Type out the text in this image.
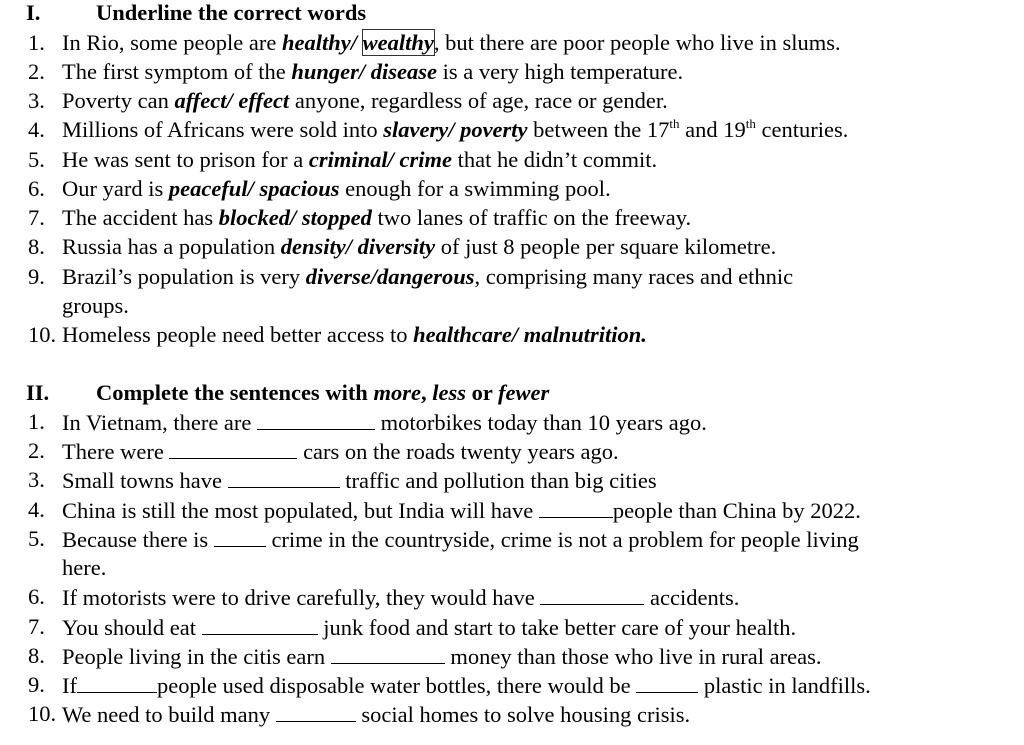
I. Underline the correct words
1. In Rio, some people are healthy/ wealthy, but there are poor people who live in slums.
2. The first symptom of the hunger/ disease is a very high temperature.
3. Poverty can affect/ effect anyone, regardless of age, race or gender.
4. Millions of Africans were sold into slavery/ poverty between the 17th and 19th centuries.
5. He was sent to prison for a criminal/ crime that he didn’t commit.
6. Our yard is peaceful/ spacious enough for a swimming pool.
7. The accident has blocked/ stopped two lanes of traffic on the freeway.
8. Russia has a population density/ diversity of just 8 people per square kilometre.
9. Brazil’s population is very diverse/dangerous, comprising many races and ethnic
groups.
10. Homeless people need better access to healthcare/ malnutrition.
II. Complete the sentences with more, less or fewer
1. In Vietnam, there are	motorbikes today than 10 years ago.
2. There were	cars on the roads twenty years ago.
3. Small towns have	traffic and pollution than big cities
4. China is still the most populated, but India will have	people than China by 2022.
5. Because there is  crime in the countryside, crime is not a problem for people living
here.
6. If motorists were to drive carefully, they would have	accidents.
7. You should eat	junk food and start to take better care of your health.
8. People living in the citis earn	money than those who live in rural areas.
9. If	people used disposable water bottles, there would be	plastic in landfills.
10. We need to build many	social homes to solve housing crisis.
